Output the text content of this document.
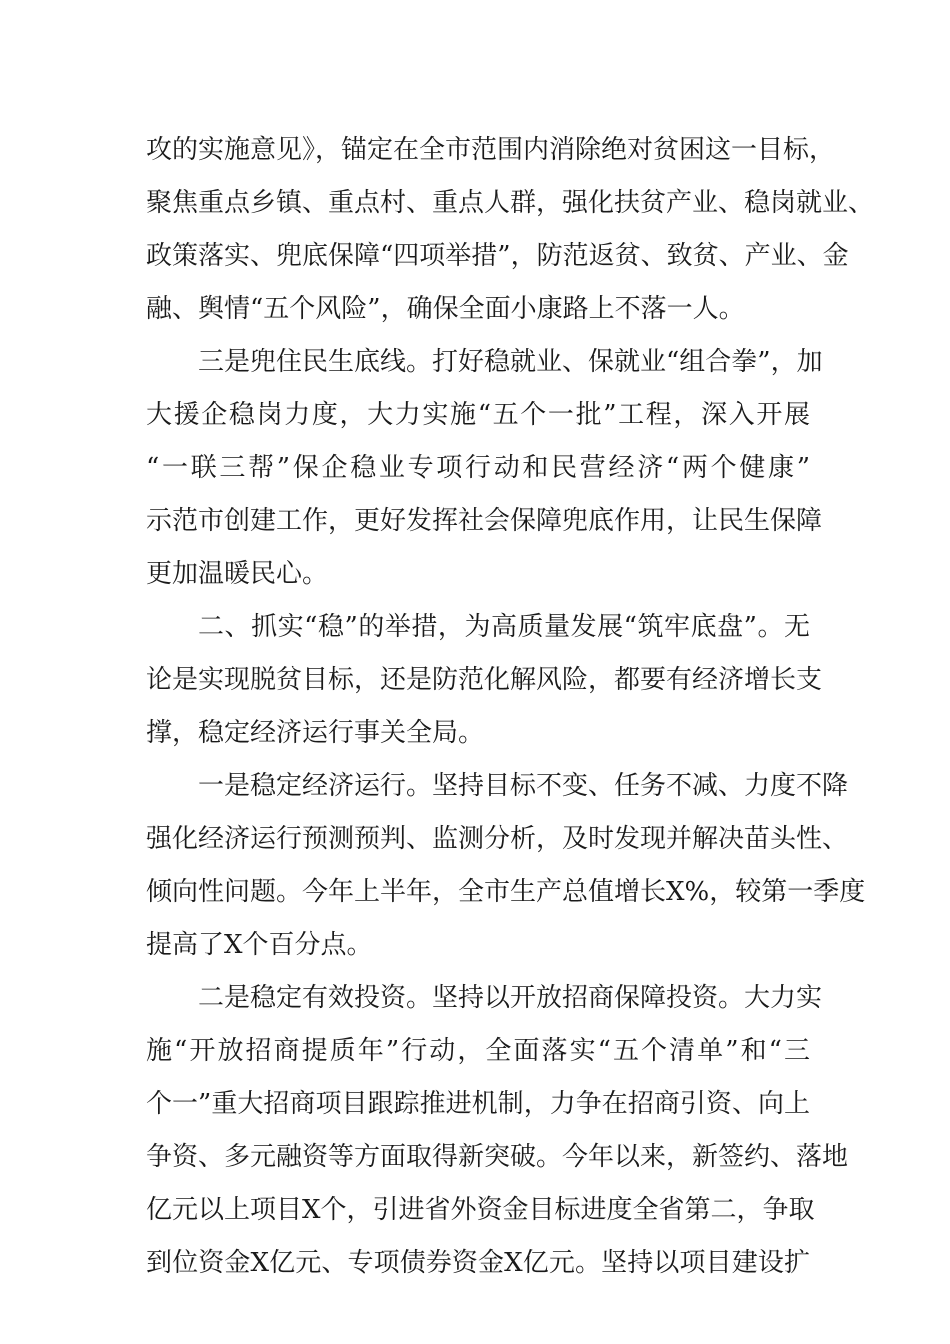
攻的实施意见》，锚定在全市范围内消除绝对贫困这一目标，
聚焦重点乡镇、重点村、重点人群，强化扶贫产业、稳岗就业、
政策落实、兜底保障“四项举措”，防范返贫、致贫、产业、金
融、舆情“五个风险”，确保全面小康路上不落一人。
三是兜住民生底线。打好稳就业、保就业“组合拳”，加
大援企稳岗力度，大力实施“五个一批”工程，深入开展
“一联三帮”保企稳业专项行动和民营经济“两个健康”
示范市创建工作，更好发挥社会保障兜底作用，让民生保障
更加温暖民心。
二、抓实“稳”的举措，为高质量发展“筑牢底盘”。无
论是实现脱贫目标，还是防范化解风险，都要有经济增长支
撑，稳定经济运行事关全局。
一是稳定经济运行。坚持目标不变、任务不减、力度不降
强化经济运行预测预判、监测分析，及时发现并解决苗头性、
倾向性问题。今年上半年，全市生产总值增长X%，较第一季度
提高了X个百分点。
二是稳定有效投资。坚持以开放招商保障投资。大力实
施“开放招商提质年”行动，全面落实“五个清单”和“三
个一”重大招商项目跟踪推进机制，力争在招商引资、向上
争资、多元融资等方面取得新突破。今年以来，新签约、落地
亿元以上项目X个，引进省外资金目标进度全省第二，争取
到位资金X亿元、专项债券资金X亿元。坚持以项目建设扩
